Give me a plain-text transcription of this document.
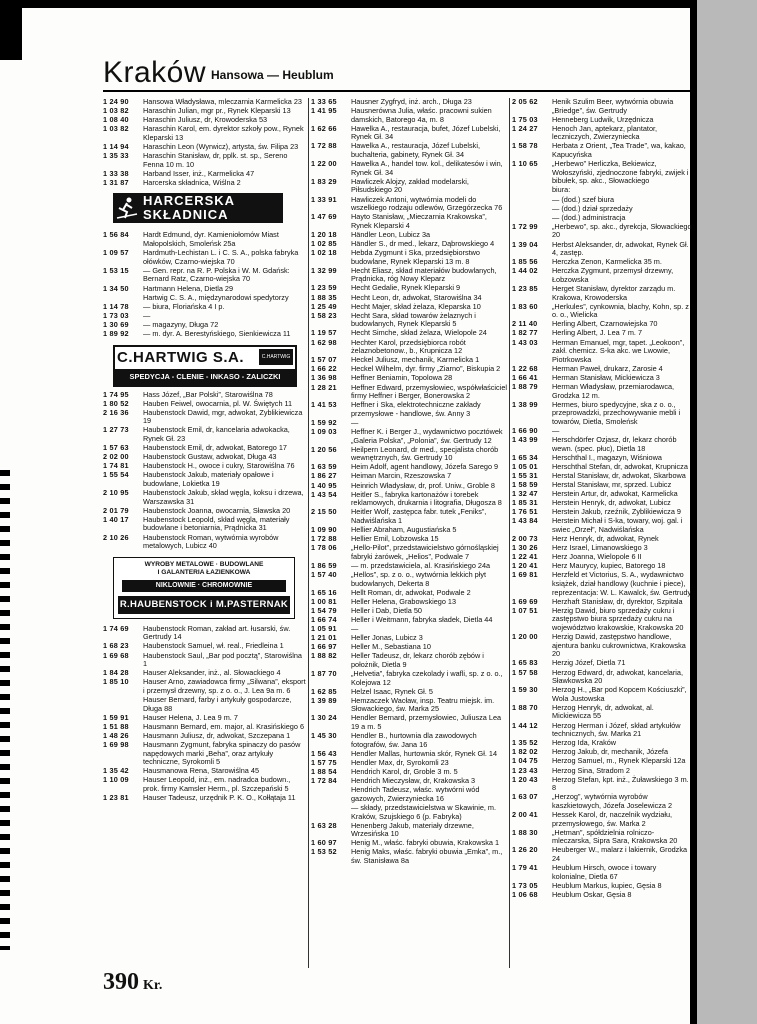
Kraków Hansowa — Heublum
1 24 90 Hansowa Władysława, mleczarnia Karmelicka 23
1 03 82 Haraschin Julian, mgr pr., Rynek Kleparski 13
1 08 40 Haraschin Juliusz, dr, Krowoderska 53
1 03 82 Haraschin Karol, em. dyrektor szkoły pow., Rynek Kleparski 13
1 14 94 Haraschin Leon (Wyrwicz), artysta, św. Filipa 23
1 35 33 Haraschin Stanisław, dr, pplk. st. sp., Sereno Fenna 10 m. 10
1 33 38 Harband Isser, inż., Karmelicka 47
1 31 87 Harcerska składnica, Wiślna 2
HARCERSKA
SKŁADNICA
1 56 84 Hardt Edmund, dyr. Kamieniołomów Miast Małopolskich, Smoleńsk 25a
1 09 57 Hardmuth-Lechistan L. i C. S. A., polska fabryka ołówków, Czarno-wiejska 70
1 53 15 — Gen. repr. na R. P. Polska i W. M. Gdańsk: Bernard Ratz, Czarno-wiejska 70
1 34 50 Hartmann Helena, Dietla 29
Hartwig C. S. A., międzynarodowi spedytorzy
1 14 78 — biura, Floriańska 4 I p.
1 73 03 —
1 30 69 — magazyny, Długa 72
1 89 92 — m. dyr. A. Berestyńskiego, Sienkiewicza 11
C.HARTWIG S.A.	C.HARTWIG
SPEDYCJA - CLENIE - INKASO - ZALICZKI
1 74 95 Hass Józef, „Bar Polski”, Starowiślna 78
1 80 52 Hauben Feiwel, owocarnia, pl. W. Świętych 11
2 16 36 Haubenstock Dawid, mgr, adwokat, Zyblikiewicza 19
1 27 73 Haubenstock Emil, dr, kancelaria adwokacka, Rynek Gł. 23
1 57 63 Haubenstock Emil, dr, adwokat, Batorego 17
2 02 00 Haubenstock Gustaw, adwokat, Długa 43
1 74 81 Haubenstock H., owoce i cukry, Starowiślna 76
1 55 54 Haubenstock Jakub, materiały opałowe i budowlane, Lokietka 19
2 10 95 Haubenstock Jakub, skład węgla, koksu i drzewa, Warszawska 31
2 01 79 Haubenstock Joanna, owocarnia, Sławska 20
1 40 17 Haubenstock Leopold, skład węgla, materiały budowlane i betoniarnia, Prądnicka 31
2 10 26 Haubenstock Roman, wytwórnia wyrobów metalowych, Lubicz 40
WYROBY METALOWE · BUDOWLANE
I GALANTERIA ŁAZIENKOWA
NIKLOWNIE · CHROMOWNIE
R.HAUBENSTOCK i M.PASTERNAK
1 74 69 Haubenstock Roman, zakład art. łusarski, św. Gertrudy 14
1 68 23 Haubenstock Samuel, wł. real., Friedleina 1
1 69 68 Haubenstock Saul, „Bar pod pocztą”, Starowiślna 1
1 84 28 Hauser Aleksander, inż., al. Słowackiego 4
1 85 10 Hauser Arno, zawiadowca firmy „Silwana”, eksport i przemysł drzewny, sp. z o. o., J. Lea 9a m. 6
Hauser Bernard, farby i artykuły gospodarcze, Długa 88
1 59 91 Hauser Helena, J. Lea 9 m. 7
1 51 88 Hausmann Bernard, em. major, al. Krasińskiego 6
1 48 26 Hausmann Juliusz, dr, adwokat, Szczepana 1
1 69 98 Hausmann Zygmunt, fabryka spinaczy do pasów napędowych marki „Beha”, oraz artykuły techniczne, Syrokomli 5
1 35 42 Hausmanowa Rena, Starowiślna 45
1 10 09 Hauser Leopold, inż., em. nadradca budown., prok. firmy Kamsler Herm., pl. Szczepański 5
1 23 81 Hauser Tadeusz, urzędnik P. K. O., Kołłątaja 11
1 33 65 Hausner Zygfryd, inż. arch., Długa 23
1 41 95 Hausnerówna Julia, właśc. pracowni sukien damskich, Batorego 4a, m. 8
1 62 66 Hawelka A., restauracja, bufet, Józef Lubelski, Rynek Gł. 34
1 72 88 Hawelka A., restauracja, Józef Lubelski, buchalteria, gabinety, Rynek Gł. 34
1 22 00 Hawelka A., handel tow. kol., delikatesów i win, Rynek Gł. 34
1 83 29 Hawliczek Alojzy, zakład modelarski, Piłsudskiego 20
1 33 91 Hawliczek Antoni, wytwórnia modeli do wszelkiego rodzaju odlewów, Grzegórzecka 76
1 47 69 Hayto Stanisław, „Mieczarnia Krakowska”, Rynek Kleparski 4
1 20 18 Händler Leon, Lubicz 3a
1 02 85 Händler S., dr med., lekarz, Dąbrowskiego 4
1 02 18 Hebda Zygmunt i Ska, przedsiębiorstwo budowlane, Rynek Kleparski 13 m. 8
1 32 99 Hecht Eliasz, skład materiałów budowlanych, Prądnicka, róg Nowy Kleparz
1 23 59 Hecht Gedalie, Rynek Kleparski 9
1 88 35 Hecht Leon, dr, adwokat, Starowiślna 34
1 25 49 Hecht Majer, skład żelaza, Kleparska 10
1 58 23 Hecht Sara, skład towarów żelaznych i budowlanych, Rynek Kleparski 5
1 19 57 Hecht Simche, skład żelaza, Wielopole 24
1 62 98 Hechter Karol, przedsiębiorca robót żelaznobetonow., b., Krupnicza 12
1 57 07 Heckel Juliusz, mechanik, Karmelicka 1
1 66 22 Heckel Wilhelm, dyr. firmy „Ziarno”, Biskupia 2
1 36 98 Heffner Beniamin, Topolowa 28
1 28 21 Heffner Edward, przemysłowiec, współwłaściciel firmy Heffner i Berger, Bonerowska 2
1 41 53 Heffner i Ska, elektrotechniczne zakłady przemysłowe - handlowe, św. Anny 3
1 59 92 —
1 09 03 Heffner K. i Berger J., wydawnictwo pocztówek „Galeria Polska”, „Polonia”, św. Gertrudy 12
1 20 56 Heilpern Leonard, dr med., specjalista chorób wewnętrznych, św. Gertrudy 10
1 63 59 Heim Adolf, agent handlowy, Józefa Sarego 9
1 86 27 Heiman Marcin, Rzeszowska 7
1 40 95 Heinrich Władysław, dr, prof. Uniw., Groble 8
1 43 54 Heitler S., fabryka kartonażów i torebek reklamowych, drukarnia i litografia, Długosza 8
2 15 50 Heitler Wolf, zastępca fabr. tutek „Feniks”, Nadwiślańska 1
1 09 90 Hellier Abraham, Augustiańska 5
1 72 88 Hellier Emil, Lobzowska 15
1 78 06 „Hello-Pilot”, przedstawicielstwo górnośląskiej fabryki żarówek, „Helios”, Podwale 7
1 86 59 — m. przedstawiciela, al. Krasińskiego 24a
1 57 40 „Hellos”, sp. z o. o., wytwórnia lekkich płyt budowlanych, Dekerta 8
1 65 16 Hellt Roman, dr, adwokat, Podwale 2
1 00 81 Heller Helena, Grabowskiego 13
1 54 79 Heller i Dab, Dietla 50
1 66 74 Heller i Weitmann, fabryka sładek, Dietla 44
1 05 91 —
1 21 01 Heller Jonas, Lubicz 3
1 66 97 Heller M., Sebastiana 10
1 88 82 Heller Tadeusz, dr, lekarz chorób zębów i położnik, Dietla 9
1 87 70 „Helvetia”, fabryka czekolady i wafli, sp. z o. o., Kolejowa 12
1 62 85 Helzel Isaac, Rynek Gł. 5
1 39 89 Hemzaczek Wacław, insp. Teatru miejsk. im. Słowackiego, św. Marka 25
1 30 24 Hendler Bernard, przemysłowiec, Juliusza Lea 19 a m. 5
1 45 30 Hendler B., hurtownia dla zawodowych fotografów, św. Jana 16
1 56 43 Hendler Mallas, hurtownia skór, Rynek Gł. 14
1 57 75 Hendler Max, dr, Syrokomli 23
1 88 54 Hendrich Karol, dr, Groble 3 m. 5
1 72 84 Hendrich Mieczysław, dr, Krakowska 3
Hendrich Tadeusz, właśc. wytwórni wód gazowych, Zwierzyniecka 16
— składy, przedstawicielstwa w Skawinie, m. Kraków, Szujskiego 6 (p. Fabryka)
1 63 28 Henenberg Jakub, materiały drzewne, Wrzesińska 10
1 60 97 Henig M., właśc. fabryki obuwia, Krakowska 1
1 53 52 Henig Maks, właśc. fabryki obuwia „Emka”, m., św. Stanisława 8a
2 05 62 Henik Szulim Beer, wytwórnia obuwia „Briedge”, św. Gertrudy
1 75 03 Henneberg Ludwik, Urzędnicza
1 24 27 Henoch Jan, aptekarz, plantator, leczniczych, Zwierzyniecka
1 58 78 Herbata z Orient, „Tea Trade”, wa, kakao, Kapucyńska
1 10 65 „Herbewo” Herliczka, Bekiewicz, Wołoszyński, zjednoczone fabryki, zwijek i bibułek, sp. akc., Słowackiego
biura:
— (dod.) szef biura
— (dod.) dział sprzedaży
— (dod.) administracja
1 72 99 „Herbewo”, sp. akc., dyrekcja, Słowackiego 20
1 39 04 Herbst Aleksander, dr, adwokat, Rynek Gł. 4, zastęp.
1 85 56 Herczka Zenon, Karmelicka 35 m.
1 44 02 Herczka Zygmunt, przemysł drzewny, Łobzowska
1 23 85 Herget Stanisław, dyrektor zarządu m. Krakowa, Krowoderska
1 83 60 „Herkules”, cynkownia, blachy, Kohn, sp. z o. o., Wielicka
2 11 40 Herling Albert, Czarnowiejska 70
1 82 77 Herling Albert, J. Lea 7 m. 7
1 43 03 Herman Emanuel, mgr, tapet. „Leokoon”, zakł. chemicz. S-ka akc. we Lwowie, Piotrkowska
1 22 68 Herman Paweł, drukarz, Zarosie 4
1 66 41 Herman Stanisław, Mickiewicza 3
1 88 79 Herman Władysław, przemiarodawca, Grodzka 12 m.
1 38 99 Hermes, biuro spedycyjne, ska z o. o., przeprowadzki, przechowywanie mebli i towarów, Dietla, Smoleńsk
1 66 90 —
1 43 99 Herschdörfer Ozjasz, dr, lekarz chorób wewn. (spec. płuc), Dietla 18
1 65 34 Herschthal I., magazyn, Wiśniowa
1 05 01 Herschthal Stefan, dr, adwokat, Krupnicza
1 55 31 Herstal Stanisław, dr, adwokat, Skarbowa
1 58 59 Herstal Stanisław, mr, sprzed. Lubicz
1 32 47 Herstein Artur, dr, adwokat, Karmelicka
1 85 31 Herstein Henryk, dr, adwokat, Lubicz
1 76 51 Herstein Jakub, rzeźnik, Zyblikiewicza 9
1 43 84 Herstein Michał i S-ka, towary, woj. gal. i swiec „Orzeł”, Nadwiślańska
2 00 73 Herz Henryk, dr, adwokat, Rynek
1 30 26 Herz Israel, Limanowskiego 3
1 22 41 Herz Joanna, Wielopole 6 II
1 20 41 Herz Maurycy, kupiec, Batorego 18
1 69 81 Herzfeld et Victorius, S. A., wydawnictwo książek, dział handlowy (kuchnie i piece), reprezentacja: W. L. Kawalck, św. Gertrudy
1 69 69 Herzhaft Stanisław, dr, dyrektor, Szpitala
1 07 51 Herzig Dawid, biuro sprzedaży cukru i zastępstwo biura sprzedaży cukru na województwo krakowskie, Krakowska 20
1 20 00 Herzig Dawid, zastępstwo handlowe, ajentura banku cukrownictwa, Krakowska 20
1 65 83 Herzig Józef, Dietla 71
1 57 58 Herzog Edward, dr, adwokat, kancelaria, Sławkowska 20
1 59 30 Herzog H., „Bar pod Kopcem Kościuszki”, Wola Justowska
1 88 70 Herzog Henryk, dr, adwokat, al. Mickiewicza 55
1 44 12 Herzog Herman i Józef, skład artykułów technicznych, św. Marka 21
1 35 52 Herzog Ida, Kraków
1 82 02 Herzog Jakub, dr, mechanik, Józefa
1 04 75 Herzog Samuel, m., Rynek Kleparski 12a
1 23 43 Herzog Sina, Stradom 2
1 20 43 Herzog Stefan, kpt. inż., Żuławskiego 3 m. 8
1 63 07 „Herzog”, wytwórnia wyrobów kaszkietowych, Józefa Joselewicza 2
2 00 41 Hessek Karol, dr, naczelnik wydziału, przemysłowego, św. Marka 2
1 88 30 „Hetman”, spółdzielnia rolniczo-mleczarska, Sipra Sara, Krakowska 20
1 26 20 Heuberger W., malarz i lakiernik, Grodzka 24
1 79 41 Heublum Hirsch, owoce i towary kolonialne, Dietla 67
1 73 05 Heublum Markus, kupiec, Gęsia 8
1 06 68 Heublum Oskar, Gęsia 8
390 Kr.
